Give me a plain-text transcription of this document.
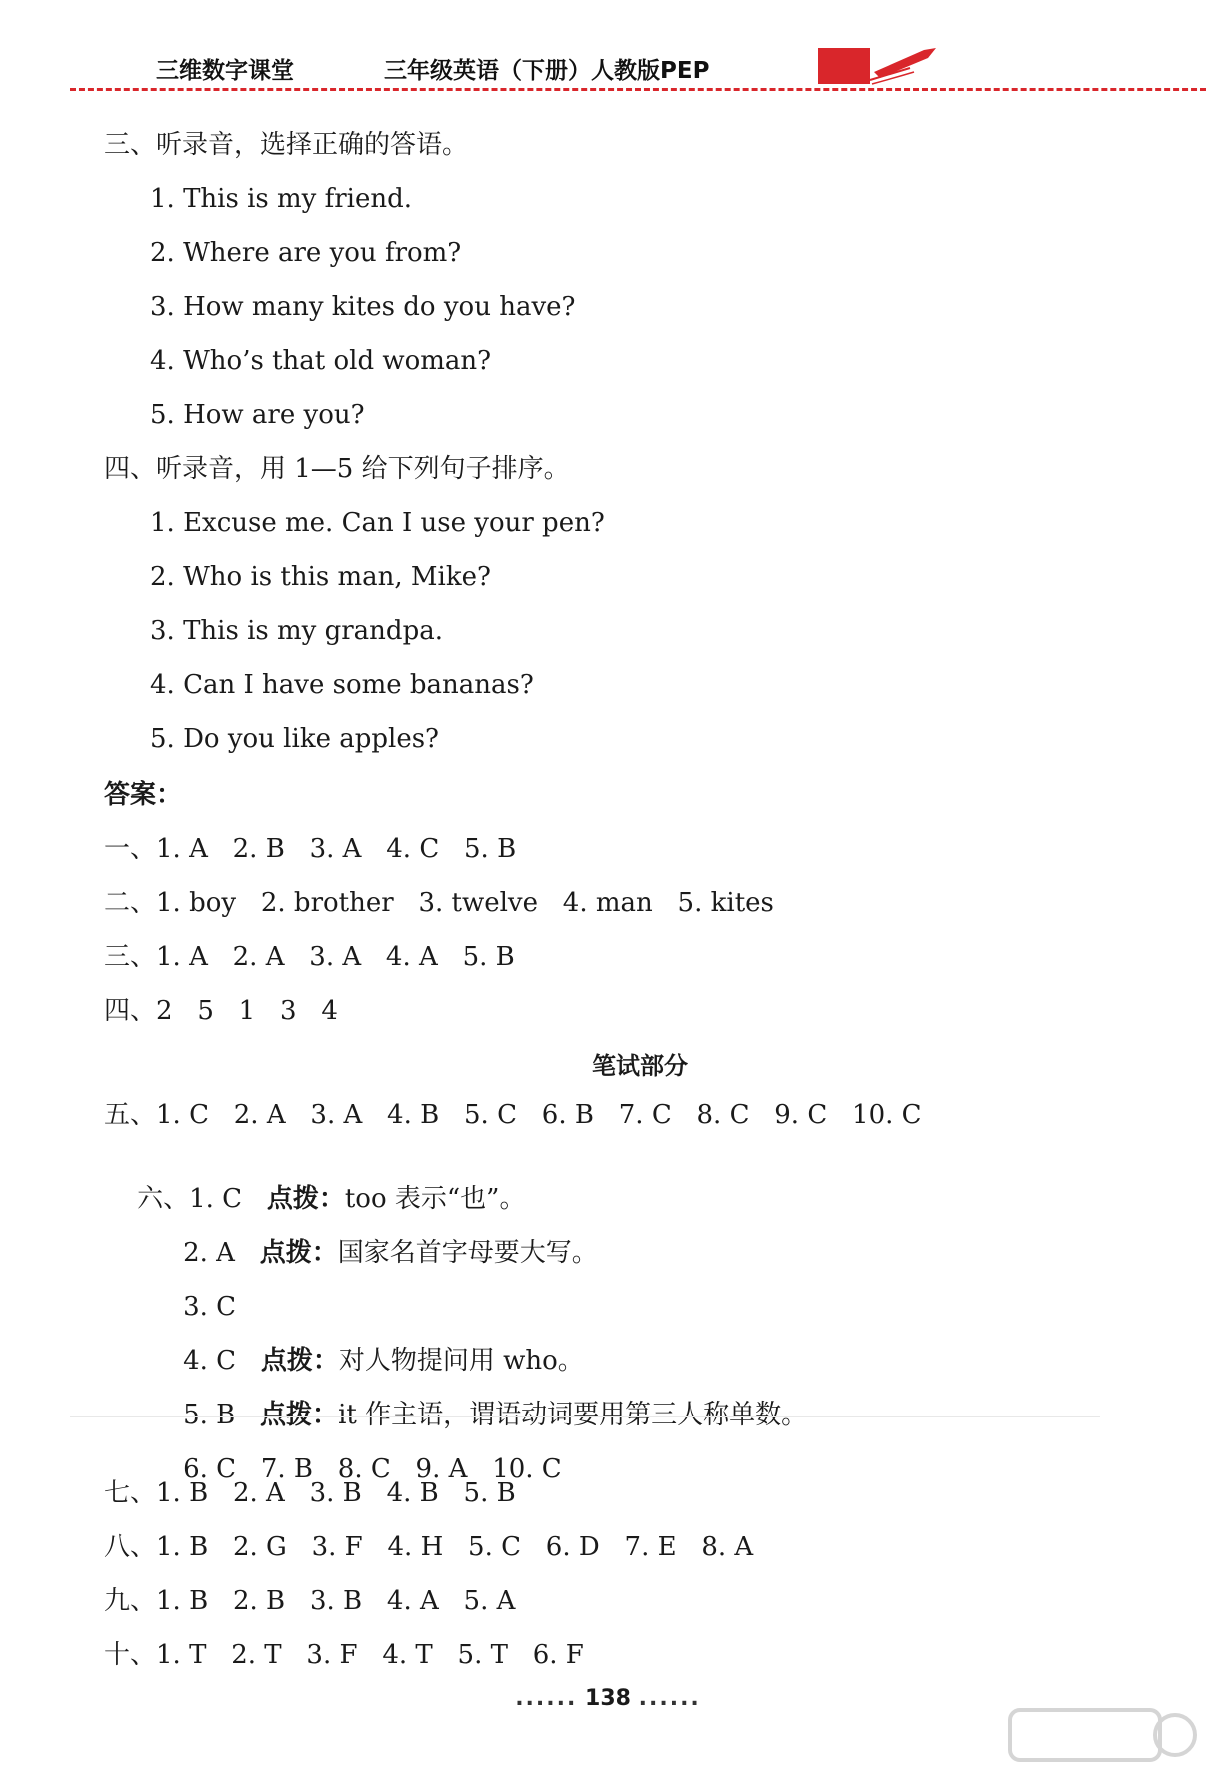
三维数字课堂	三年级英语（下册）人教版PEP
三、听录音，选择正确的答语。
1. This is my friend.
2. Where are you from?
3. How many kites do you have?
4. Who’s that old woman?
5. How are you?
四、听录音，用 1—5 给下列句子排序。
1. Excuse me. Can I use your pen?
2. Who is this man, Mike?
3. This is my grandpa.
4. Can I have some bananas?
5. Do you like apples?
答案：
一、1. A   2. B   3. A   4. C   5. B
二、1. boy   2. brother   3. twelve   4. man   5. kites
三、1. A   2. A   3. A   4. A   5. B
四、2   5   1   3   4
笔试部分
五、1. C   2. A   3. A   4. B   5. C   6. B   7. C   8. C   9. C   10. C

六、1. C   点拨：too 表示“也”。

2. A   点拨：国家名首字母要大写。

3. C

4. C   点拨：对人物提问用 who。

5. B   点拨：it 作主语，谓语动词要用第三人称单数。

6. C   7. B   8. C   9. A   10. C

七、1. B   2. A   3. B   4. B   5. B
八、1. B   2. G   3. F   4. H   5. C   6. D   7. E   8. A
九、1. B   2. B   3. B   4. A   5. A
十、1. T   2. T   3. F   4. T   5. T   6. F
...... 138 ......
